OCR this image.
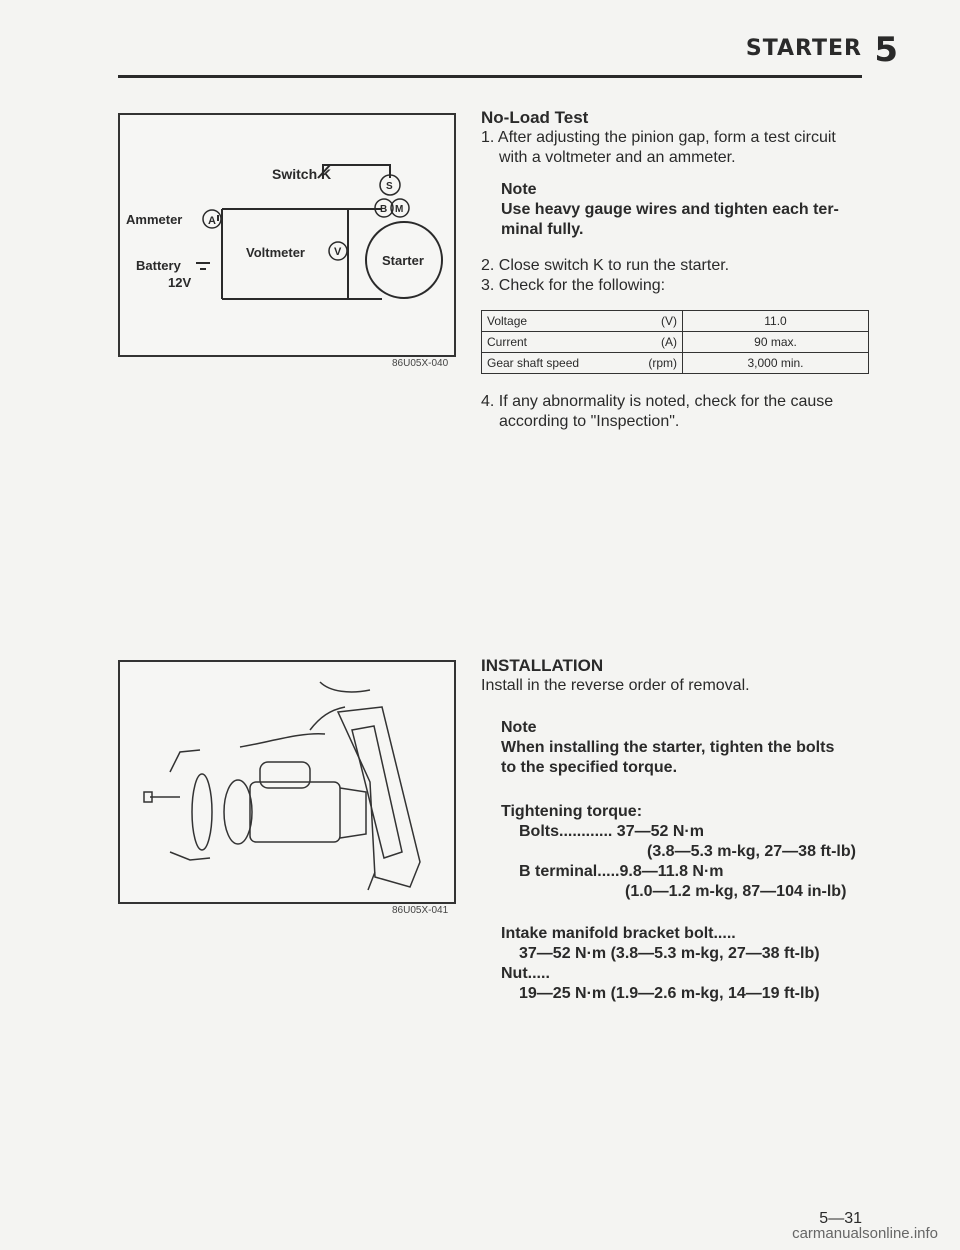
STARTER 5
Switch K
Ammeter A
Battery
12V
Voltmeter	V
Starter
S
B M
86U05X-040
No-Load Test
1. After adjusting the pinion gap, form a test circuit
with a voltmeter and an ammeter.
Note
Use heavy gauge wires and tighten each ter-
minal fully.
2. Close switch K to run the starter.
3. Check for the following:
Voltage	(V)	11.0
Current	(A)	90 max.
Gear shaft speed	(rpm)	3,000 min.
4. If any abnormality is noted, check for the cause
according to "Inspection".
86U05X-041
INSTALLATION
Install in the reverse order of removal.
Note
When installing the starter, tighten the bolts
to the specified torque.
Tightening torque:
Bolts............ 37—52 N·m
(3.8—5.3 m-kg, 27—38 ft-lb)
B terminal.....9.8—11.8 N·m
(1.0—1.2 m-kg, 87—104 in-lb)
Intake manifold bracket bolt.....
37—52 N·m (3.8—5.3 m-kg, 27—38 ft-lb)
Nut.....
19—25 N·m (1.9—2.6 m-kg, 14—19 ft-lb)
5—31
carmanualsonline.info
